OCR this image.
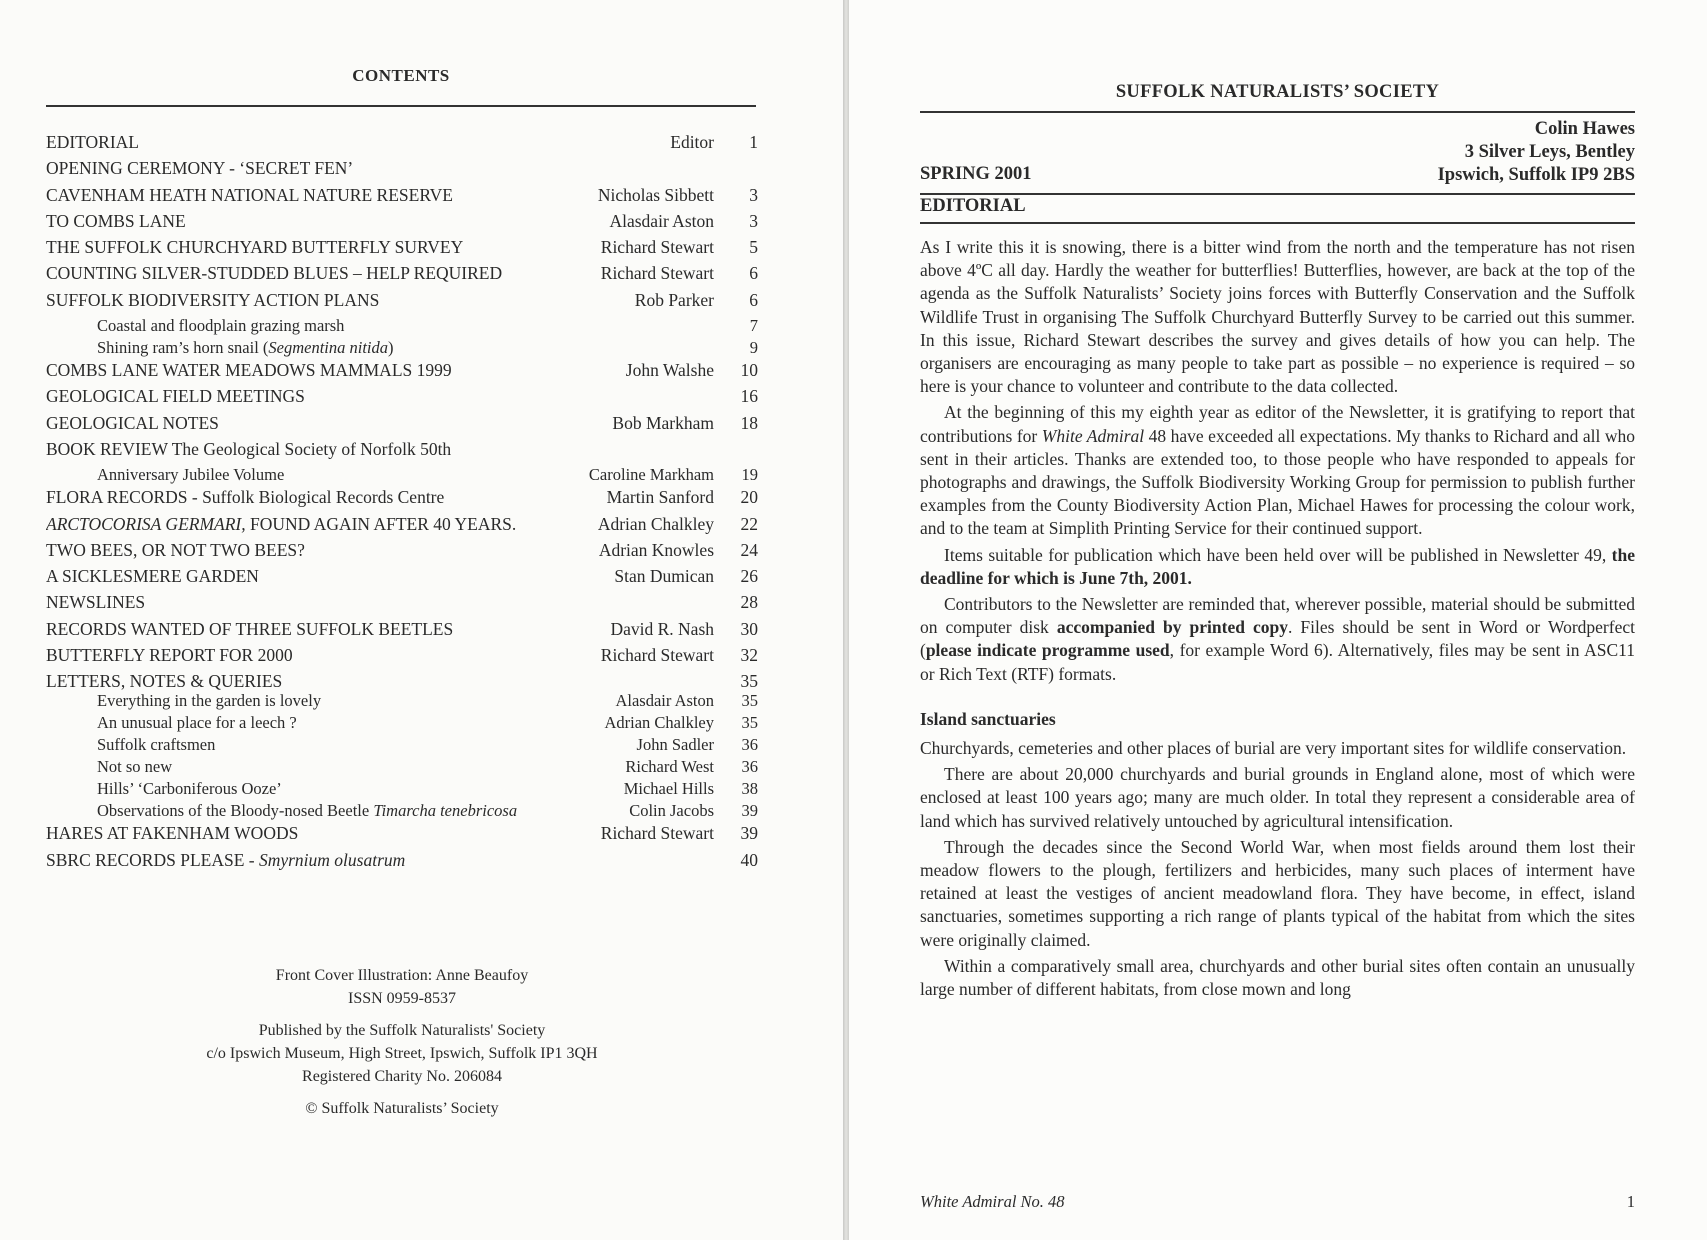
CONTENTS
EDITORIAL	Editor	1
OPENING CEREMONY - ‘SECRET FEN’
CAVENHAM HEATH NATIONAL NATURE RESERVE	Nicholas Sibbett	3
TO COMBS LANE	Alasdair Aston	3
THE SUFFOLK CHURCHYARD BUTTERFLY SURVEY	Richard Stewart	5
COUNTING SILVER-STUDDED BLUES – HELP REQUIRED	Richard Stewart	6
SUFFOLK BIODIVERSITY ACTION PLANS	Rob Parker	6
Coastal and floodplain grazing marsh	7
Shining ram’s horn snail (Segmentina nitida)	9
COMBS LANE WATER MEADOWS MAMMALS 1999	John Walshe	10
GEOLOGICAL FIELD MEETINGS	16
GEOLOGICAL NOTES	Bob Markham	18
BOOK REVIEW The Geological Society of Norfolk 50th
Anniversary Jubilee Volume	Caroline Markham	19
FLORA RECORDS - Suffolk Biological Records Centre	Martin Sanford	20
ARCTOCORISA GERMARI, FOUND AGAIN AFTER 40 YEARS.	Adrian Chalkley	22
TWO BEES, OR NOT TWO BEES?	Adrian Knowles	24
A SICKLESMERE GARDEN	Stan Dumican	26
NEWSLINES	28
RECORDS WANTED OF THREE SUFFOLK BEETLES	David R. Nash	30
BUTTERFLY REPORT FOR 2000	Richard Stewart	32
LETTERS, NOTES & QUERIES	35
Everything in the garden is lovely	Alasdair Aston	35
An unusual place for a leech ?	Adrian Chalkley	35
Suffolk craftsmen	John Sadler	36
Not so new	Richard West	36
Hills’ ‘Carboniferous Ooze’	Michael Hills	38
Observations of the Bloody-nosed Beetle Timarcha tenebricosa	Colin Jacobs	39
HARES AT FAKENHAM WOODS	Richard Stewart	39
SBRC RECORDS PLEASE - Smyrnium olusatrum	40
Front Cover Illustration: Anne Beaufoy
ISSN 0959-8537
Published by the Suffolk Naturalists' Society
c/o Ipswich Museum, High Street, Ipswich, Suffolk IP1 3QH
Registered Charity No. 206084
© Suffolk Naturalists’ Society
SUFFOLK NATURALISTS’ SOCIETY
Colin Hawes
3 Silver Leys, Bentley
Ipswich, Suffolk IP9 2BS
SPRING 2001
EDITORIAL

As I write this it is snowing, there is a bitter wind from the north and the temperature has not risen above 4ºC all day. Hardly the weather for butterflies! Butterflies, however, are back at the top of the agenda as the Suffolk Naturalists’ Society joins forces with Butterfly Conservation and the Suffolk Wildlife Trust in organising The Suffolk Churchyard Butterfly Survey to be carried out this summer. In this issue, Richard Stewart describes the survey and gives details of how you can help. The organisers are encouraging as many people to take part as possible – no experience is required – so here is your chance to volunteer and contribute to the data collected.

At the beginning of this my eighth year as editor of the Newsletter, it is gratifying to report that contributions for White Admiral 48 have exceeded all expectations. My thanks to Richard and all who sent in their articles. Thanks are extended too, to those people who have responded to appeals for photographs and drawings, the Suffolk Biodiversity Working Group for permission to publish further examples from the County Biodiversity Action Plan, Michael Hawes for processing the colour work, and to the team at Simplith Printing Service for their continued support.

Items suitable for publication which have been held over will be published in Newsletter 49, the deadline for which is June 7th, 2001.

Contributors to the Newsletter are reminded that, wherever possible, material should be submitted on computer disk accompanied by printed copy. Files should be sent in Word or Wordperfect (please indicate programme used, for example Word 6). Alternatively, files may be sent in ASC11 or Rich Text (RTF) formats.

Island sanctuaries

Churchyards, cemeteries and other places of burial are very important sites for wildlife conservation.

There are about 20,000 churchyards and burial grounds in England alone, most of which were enclosed at least 100 years ago; many are much older. In total they represent a considerable area of land which has survived relatively untouched by agricultural intensification.

Through the decades since the Second World War, when most fields around them lost their meadow flowers to the plough, fertilizers and herbicides, many such places of interment have retained at least the vestiges of ancient meadowland flora. They have become, in effect, island sanctuaries, sometimes supporting a rich range of plants typical of the habitat from which the sites were originally claimed.

Within a comparatively small area, churchyards and other burial sites often contain an unusually large number of different habitats, from close mown and long

White Admiral No. 48	1
